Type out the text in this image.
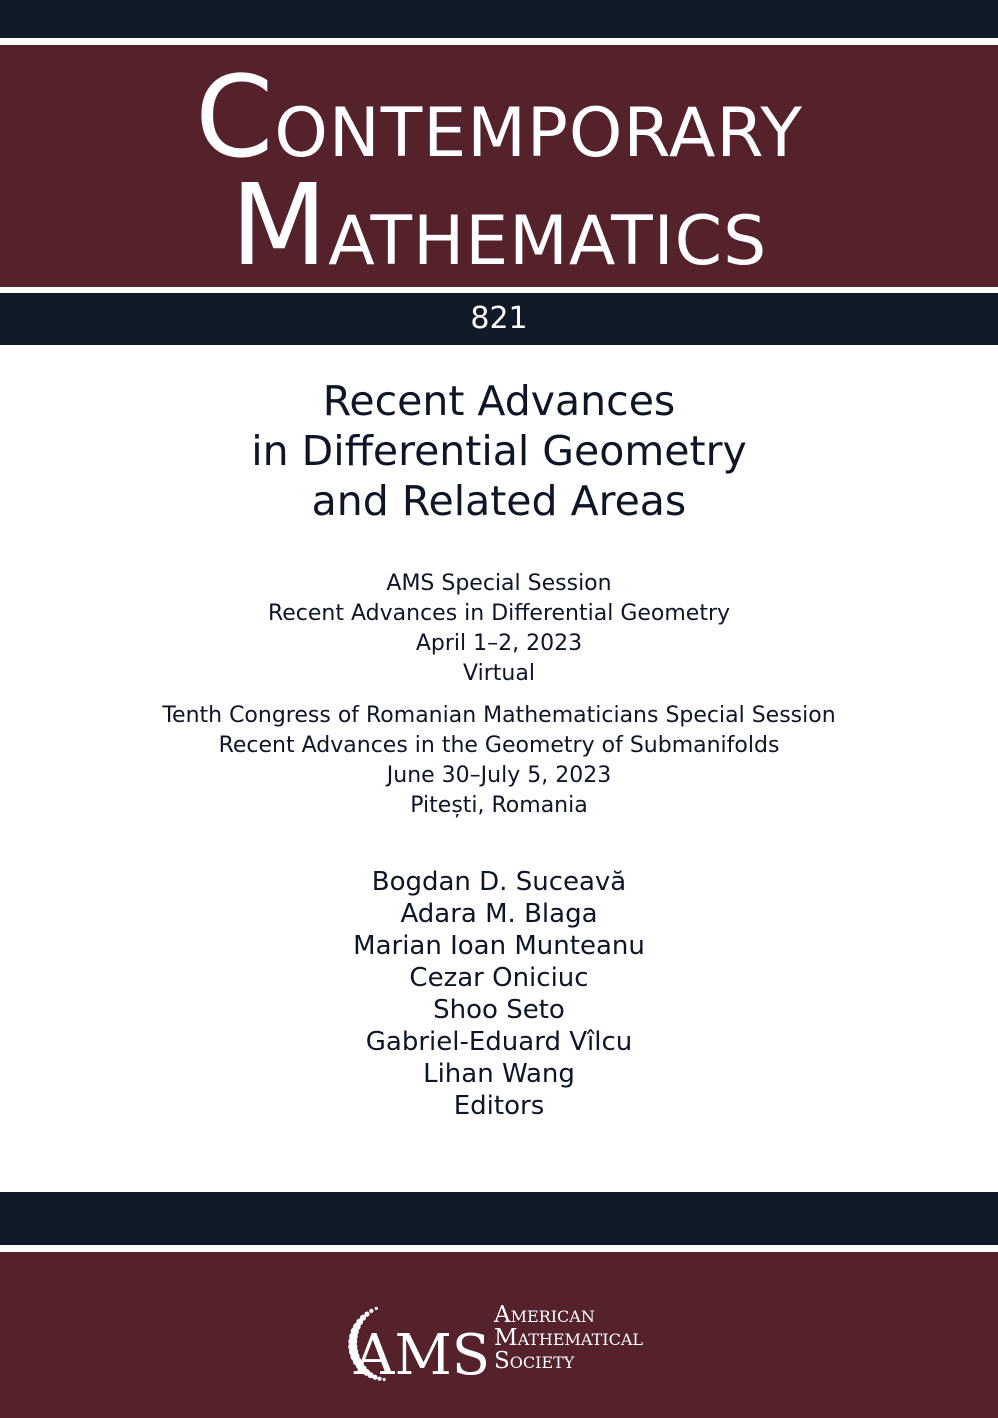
CONTEMPORARY
MATHEMATICS
821
Recent Advances
in Differential Geometry
and Related Areas
AMS Special Session
Recent Advances in Differential Geometry
April 1–2, 2023
Virtual
Tenth Congress of Romanian Mathematicians Special Session
Recent Advances in the Geometry of Submanifolds
June 30–July 5, 2023
Pitești, Romania
Bogdan D. Suceavă
Adara M. Blaga
Marian Ioan Munteanu
Cezar Oniciuc
Shoo Seto
Gabriel-Eduard Vîlcu
Lihan Wang
Editors
AMS
AMERICAN
MATHEMATICAL
SOCIETY
